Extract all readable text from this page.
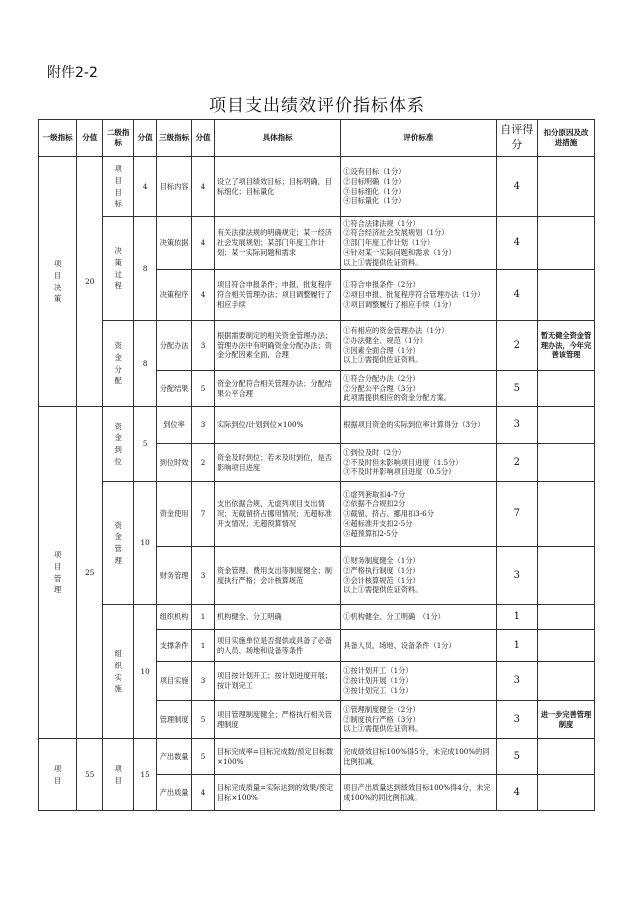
附件2-2
项目支出绩效评价指标体系
一级指标	分值	二级指标	分值	三级指标	分值	具体指标	评价标准	自评得分	扣分原因及改进措施

项目决策	20	项目目标	4	目标内容	4	设立了项目绩效目标；目标明确，目标细化；目标量化	①设有目标（1分）
②目标明确（1分）
③目标细化（1分）
④目标量化（1分）	4	

		决策过程	8	决策依据	4	有关法律法规的明确规定；某一经济社会发展规划；某部门年度工作计划；某一实际问题和需求	①符合法律法规（1分）
②符合经济社会发展规划（1分）
③部门年度工作计划（1分）
④针对某一实际问题和需求（1分）
以上①需提供佐证资料。	4	
				决策程序	4	项目符合申报条件；申报、批复程序符合相关管理办法；项目调整履行了相应手续	①符合申报条件（2分）
②项目申报、批复程序符合管理办法（1分）
③项目调整履行了相应手续（1分）	4	

		资金分配	8	分配办法	3	根据需要制定的相关资金管理办法；管理办法中有明确资金分配办法；资金分配因素全面，合理	①有相应的资金管理办法（1分）
②办法健全、规范（1分）
③因素全面合理（1分）
以上①需提供佐证资料。	2	暂无健全资金管理办法，今年完善该管理
				分配结果	5	资金分配符合相关管理办法；分配结果公平合理	①符合分配办法（2分）
②分配公平合理（3分）
此项需提供相应的资金分配方案。	5	

项目管理	25	资金到位	5	到位率	3	实际到位/计划到位×100%	根据项目资金的实际到位率计算得分（3分）	3	
				到位时效	2	资金及时到位；若未及时到位，是否影响项目进度	①到位及时（2分）
②不及时但未影响项目进度（1.5分）
③不及时并影响项目进度（0.5分）	2	

		资金管理	10	资金使用	7	支出依据合规，无虚列项目支出情况；无截留挤占挪用情况；无超标准开支情况；无超预算情况	①虚列套取扣4-7分
②依据不合规扣2分
③截留、挤占、挪用扣3-6分
④超标准开支扣2-5分
⑤超预算扣2-5分	7	
				财务管理	3	资金管理、费用支出等制度健全；制度执行严格；会计核算规范	①财务制度健全（1分）
②严格执行制度（1分）
③会计核算规范（1分）
以上①需提供佐证资料。	3	

		组织实施	10	组织机构	1	机构健全、分工明确	①机构健全、分工明确　（1分）	1	
				支撑条件	1	项目实施单位是否提供或具备了必备的人员、场地和设备等条件	具备人员、场地、设备条件（1分）	1	
				项目实施	3	项目按计划开工；按计划进度开展；按计划完工	①按计划开工（1分）
②按计划开展（1分）
③按计划完工（1分）	3	
				管理制度	5	项目管理制度健全；严格执行相关管理制度	①管理制度健全（2分）
②制度执行严格（3分）
以上①需提供佐证资料。	3	进一步完善管理制度

项目	55	项目	15	产出数量	5	目标完成率=目标完成数/预定目标数×100%	完成绩效目标100%得5分，未完成100%的同比例扣减。	5	
				产出质量	4	目标完成质量=实际达到的效果/预定目标×100%	项目产出质量达到绩效目标100%得4分，未完成100%的同比例扣减。	4	
